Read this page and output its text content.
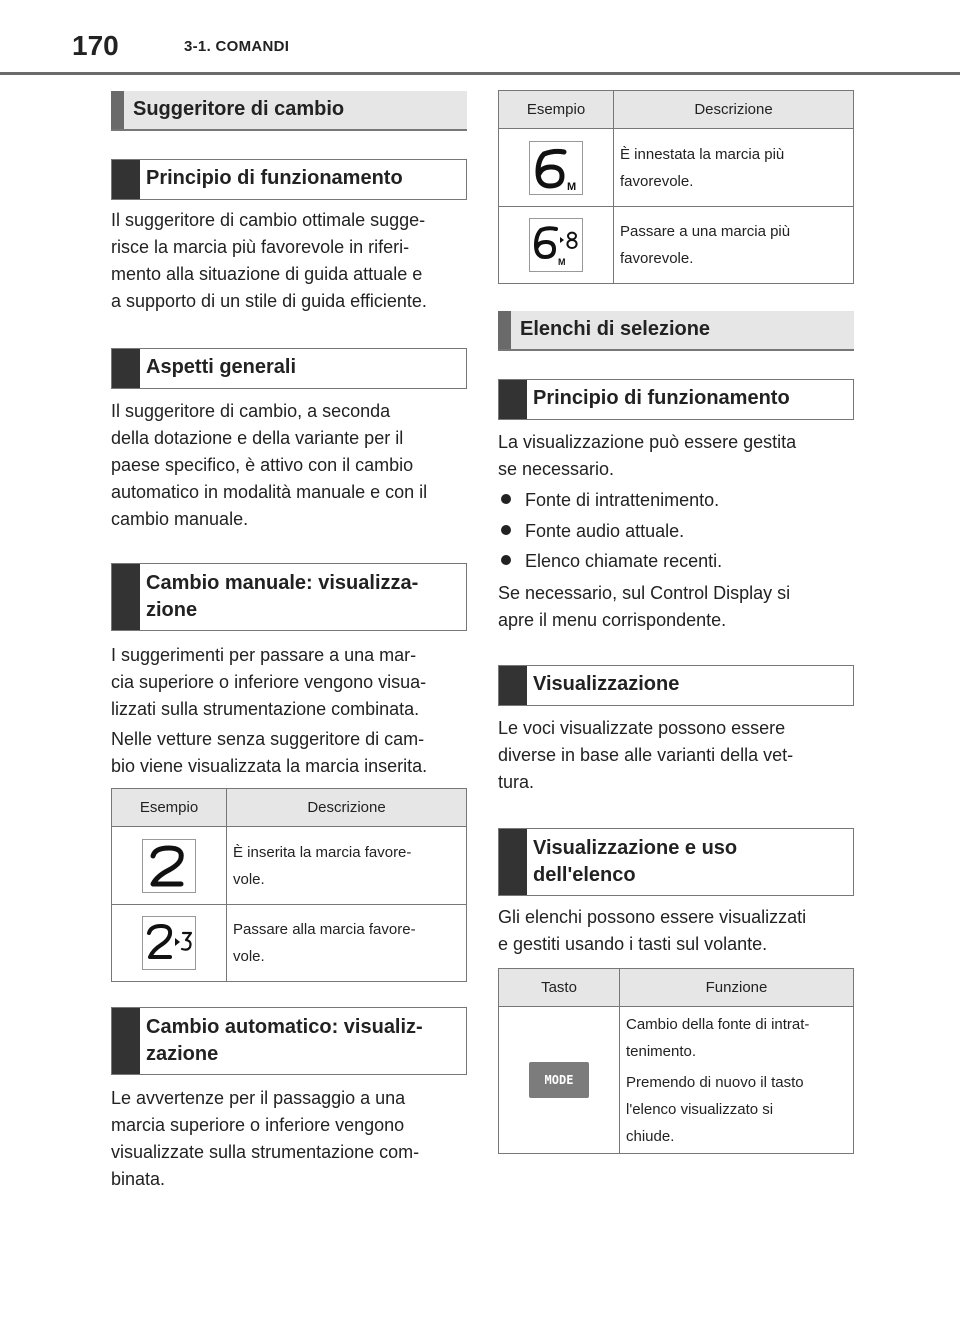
170	3-1. COMANDI
Suggeritore di cambio
Principio di funzionamento
Il suggeritore di cambio ottimale sugge-
risce la marcia più favorevole in riferi-
mento alla situazione di guida attuale e
a supporto di un stile di guida efficiente.
Aspetti generali
Il suggeritore di cambio, a seconda
della dotazione e della variante per il
paese specifico, è attivo con il cambio
automatico in modalità manuale e con il
cambio manuale.
Cambio manuale: visualizza-
zione
I suggerimenti per passare a una mar-
cia superiore o inferiore vengono visua-
lizzati sulla strumentazione combinata.
Nelle vetture senza suggeritore di cam-
bio viene visualizzata la marcia inserita.
Esempio	Descrizione

È inserita la marcia favore-
vole.

Passare alla marcia favore-
vole.
Cambio automatico: visualiz-
zazione
Le avvertenze per il passaggio a una
marcia superiore o inferiore vengono
visualizzate sulla strumentazione com-
binata.
Esempio	Descrizione

M	È innestata la marcia più
favorevole.

M	Passare a una marcia più
favorevole.
Elenchi di selezione
Principio di funzionamento
La visualizzazione può essere gestita
se necessario.
Fonte di intrattenimento.
Fonte audio attuale.
Elenco chiamate recenti.
Se necessario, sul Control Display si
apre il menu corrispondente.
Visualizzazione
Le voci visualizzate possono essere
diverse in base alle varianti della vet-
tura.
Visualizzazione e uso
dell'elenco
Gli elenchi possono essere visualizzati
e gestiti usando i tasti sul volante.
Tasto	Funzione
MODE	Cambio della fonte di intrat-
tenimento.
Premendo di nuovo il tasto
l'elenco visualizzato si
chiude.
